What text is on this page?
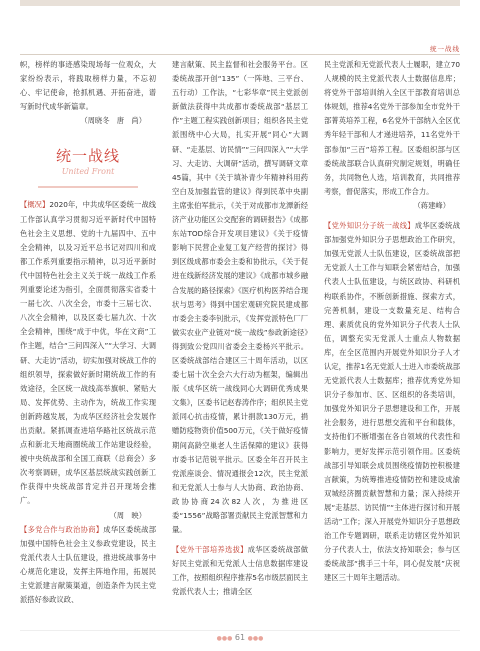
统一战线

帜，榜样的事迹感染现场每一位观众，大家纷纷表示，将践取榜样力量，不忘初心、牢记使命，抢抓机遇、开拓奋进，谱写新时代成华新篇章。

（周晓冬　唐　尚）

统一战线
United Front

【概况】2020年，中共成华区委统一战线工作部认真学习贯彻习近平新时代中国特色社会主义思想、党的十九届四中、五中全会精神，以及习近平总书记对四川和成都工作系列重要指示精神，以习近平新时代中国特色社会主义关于统一战线工作系列重要论述为指引，全面贯彻落实省委十一届七次、八次全会，市委十三届七次、八次全会精神，以及区委七届九次、十次全会精神，围绕“成于中优，华在文商”工作主题，结合“三问四深入”“大学习、大调研、大走访”活动，切实加强对统战工作的组织领导，探索做好新时期统战工作的有效途径，全区统一战线高举旗帜、紧贴大局、发挥优势、主动作为，统战工作实现创新跨越发展，为成华区经济社会发展作出贡献。紧抓调查进培华路社区统战示范点和新北天地商圈统战工作站建设经验，被中央统战部和全国工商联（总商会）多次考察调研，成华区基层统战实践创新工作获得中央统战部肯定并召开现场会推广。

（周　映）

【多党合作与政治协商】成华区委统战部加强中国特色社会主义参政党建设，民主党派代表人士队伍建设，推进统战事务中心规范化建设，发挥主阵地作用，拓展民主党派建言献策渠道，创造条件为民主党派搭好参政议政、

建言献策、民主监督和社会服务平台。区委统战部开创“135”（一阵地、三平台、五行动）工作法，“七彩华章”民主党派创新做法获得中共成都市委统战部“基层工作”主题工程实践创新项目；组织各民主党派围绕中心大局，扎实开展“同心”大调研、“走基层、访民情”“三问四深入”“大学习、大走访、大调研”活动，撰写调研文章45篇，其中《关于填补青少年精神科用药空白及加强监管的建议》得到民革中央副主席张伯军批示，《关于对成都市龙潭新经济产业功能区公交配套的调研报告》《成都东站TOD综合开发项目建议》《关于疫情影响下民营企业复工复产经营的探讨》得到区级成都市委会主委和协批示，《关于促进在线新经济发展的建议》《成都市城乡融合发展的路径探索》《医疗机构医养结合现状与思考》得到中国宏观研究院民建成都市委会主委李钊批示，《发挥党派特色厂厂做实农业产业链对“统一战线”参政新途径》得到致公党四川省委会主委杨兴平批示。区委统战部结合建区三十周年活动，以区委七届十次全会六大行动为框架，编辑出版《成华区统一战线同心大调研优秀成果文集》，区委书记赵春涛作序；组织民主党派同心抗击疫情，累计捐款130万元，捐赠防疫物资价值500万元，《关于做好疫情期间高龄空巢老人生活保障的建议》获得市委书记范锐平批示。区委全年召开民主党派座谈会、情况通报会12次，民主党派和无党派人士参与人大协商、政治协商、政协协商24次82人次，为推进区委“1556”战略部署贡献民主党派智慧和力量。

【党外干部培养选拔】成华区委统战部做好民主党派和无党派人士信息数据库建设工作，按照组织程序推荐5名市级层面民主党派代表人士；推请全区

民主党派和无党派代表人士履职，建立70人规模的民主党派代表人士数据信息库；将党外干部培训纳入全区干部教育培训总体规划，推荐4名党外干部参加全市党外干部菁英培养工程，6名党外干部纳入全区优秀年轻干部和人才递进培养，11名党外干部参加“三百”培养工程。区委组织部与区委统战部联合认真研究制定规划，明确任务，共同物色人选，培训教育，共同推荐考察，督促落实，形成工作合力。

（蒋建峰）

【党外知识分子统一战线】成华区委统战部加强党外知识分子思想政治工作研究，加强无党派人士队伍建设，区委统战部把无党派人士工作与知联会紧密结合，加强代表人士队伍建设，与统区政协、科研机构联系协作，不断创新措施、探索方式，完善机制，建设一支数量充足、结构合理、素质优良的党外知识分子代表人士队伍，调整充实无党派人士重点人物数据库，在全区范围内开展党外知识分子人才认定，推荐1名无党派人士进入市委统战部无党派代表人士数据库；推荐优秀党外知识分子参加市、区、区组织的各类培训，加强党外知识分子思想建设和工作，开展社会服务，进行思想交流和平台和载体，支持他们不断增强在各自领域的代表性和影响力，更好发挥示范引领作用。区委统战部引导知联会成员围绕疫情防控积极建言献策，为统筹推进疫情防控和建设成渝双城经济圈贡献智慧和力量；深入持续开展“走基层、访民情”“主体进行探讨和开展活动”工作；深入开展党外知识分子思想政治工作专题调研，联系走访辖区党外知识分子代表人士，依法支持知联会；参与区委统战部“携手三十年，同心促发展”庆祝建区三十周年主题活动。

●●● 61 ●●●
